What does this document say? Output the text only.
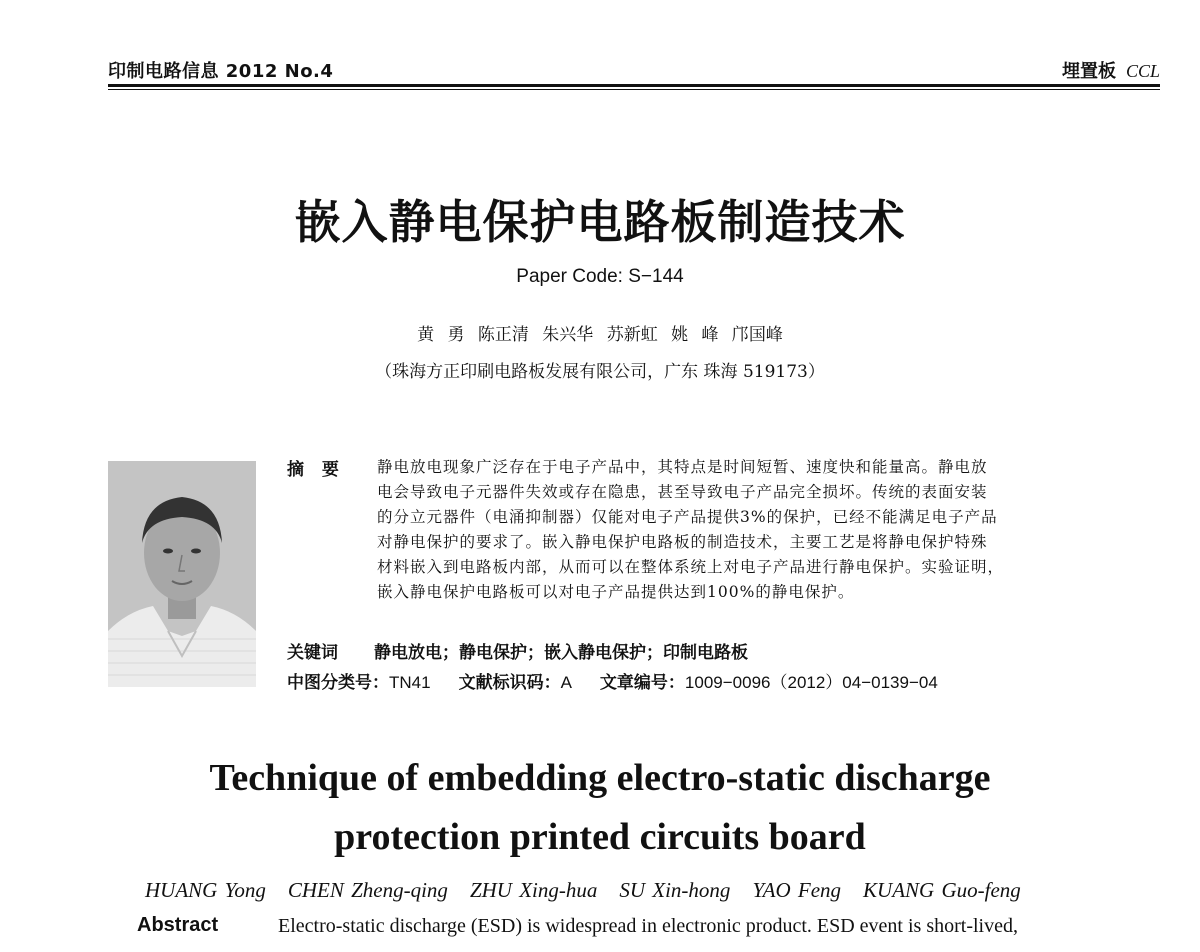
印制电路信息 2012 No.4	埋置板 CCL
嵌入静电保护电路板制造技术
Paper Code: S−144
黄 勇 陈正清 朱兴华 苏新虹 姚 峰 邝国峰
（珠海方正印刷电路板发展有限公司，广东 珠海 519173）
摘 要 静电放电现象广泛存在于电子产品中，其特点是时间短暂、速度快和能量高。静电放
电会导致电子元器件失效或存在隐患，甚至导致电子产品完全损坏。传统的表面安装
的分立元器件（电涌抑制器）仅能对电子产品提供3%的保护，已经不能满足电子产品
对静电保护的要求了。嵌入静电保护电路板的制造技术，主要工艺是将静电保护特殊
材料嵌入到电路板内部，从而可以在整体系统上对电子产品进行静电保护。实验证明，
嵌入静电保护电路板可以对电子产品提供达到100%的静电保护。
关键词 静电放电；静电保护；嵌入静电保护；印制电路板
中图分类号：TN41 文献标识码：A 文章编号：1009−0096（2012）04−0139−04
Technique of embedding electro-static discharge
protection printed circuits board
HUANG Yong CHEN Zheng-qing ZHU Xing-hua SU Xin-hong YAO Feng KUANG Guo-feng
Abstract	Electro-static discharge (ESD) is widespread in electronic product. ESD event is short-lived,
